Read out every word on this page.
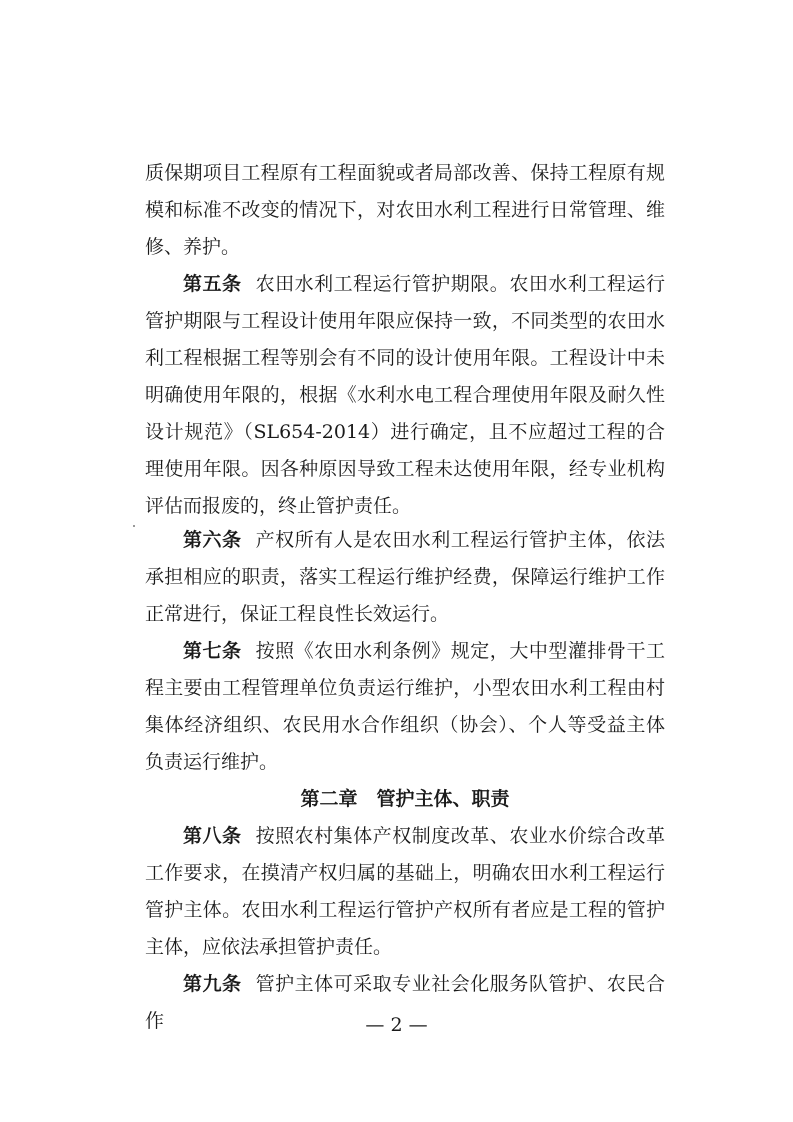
质保期项目工程原有工程面貌或者局部改善、保持工程原有规模和标准不改变的情况下，对农田水利工程进行日常管理、维修、养护。

第五条 农田水利工程运行管护期限。农田水利工程运行管护期限与工程设计使用年限应保持一致，不同类型的农田水利工程根据工程等别会有不同的设计使用年限。工程设计中未明确使用年限的，根据《水利水电工程合理使用年限及耐久性设计规范》（SL654-2014）进行确定，且不应超过工程的合理使用年限。因各种原因导致工程未达使用年限，经专业机构评估而报废的，终止管护责任。

第六条 产权所有人是农田水利工程运行管护主体，依法承担相应的职责，落实工程运行维护经费，保障运行维护工作正常进行，保证工程良性长效运行。

第七条 按照《农田水利条例》规定，大中型灌排骨干工程主要由工程管理单位负责运行维护，小型农田水利工程由村集体经济组织、农民用水合作组织（协会）、个人等受益主体负责运行维护。

第二章　管护主体、职责

第八条 按照农村集体产权制度改革、农业水价综合改革工作要求，在摸清产权归属的基础上，明确农田水利工程运行管护主体。农田水利工程运行管护产权所有者应是工程的管护主体，应依法承担管护责任。

第九条 管护主体可采取专业社会化服务队管护、农民合作	— 2 —
